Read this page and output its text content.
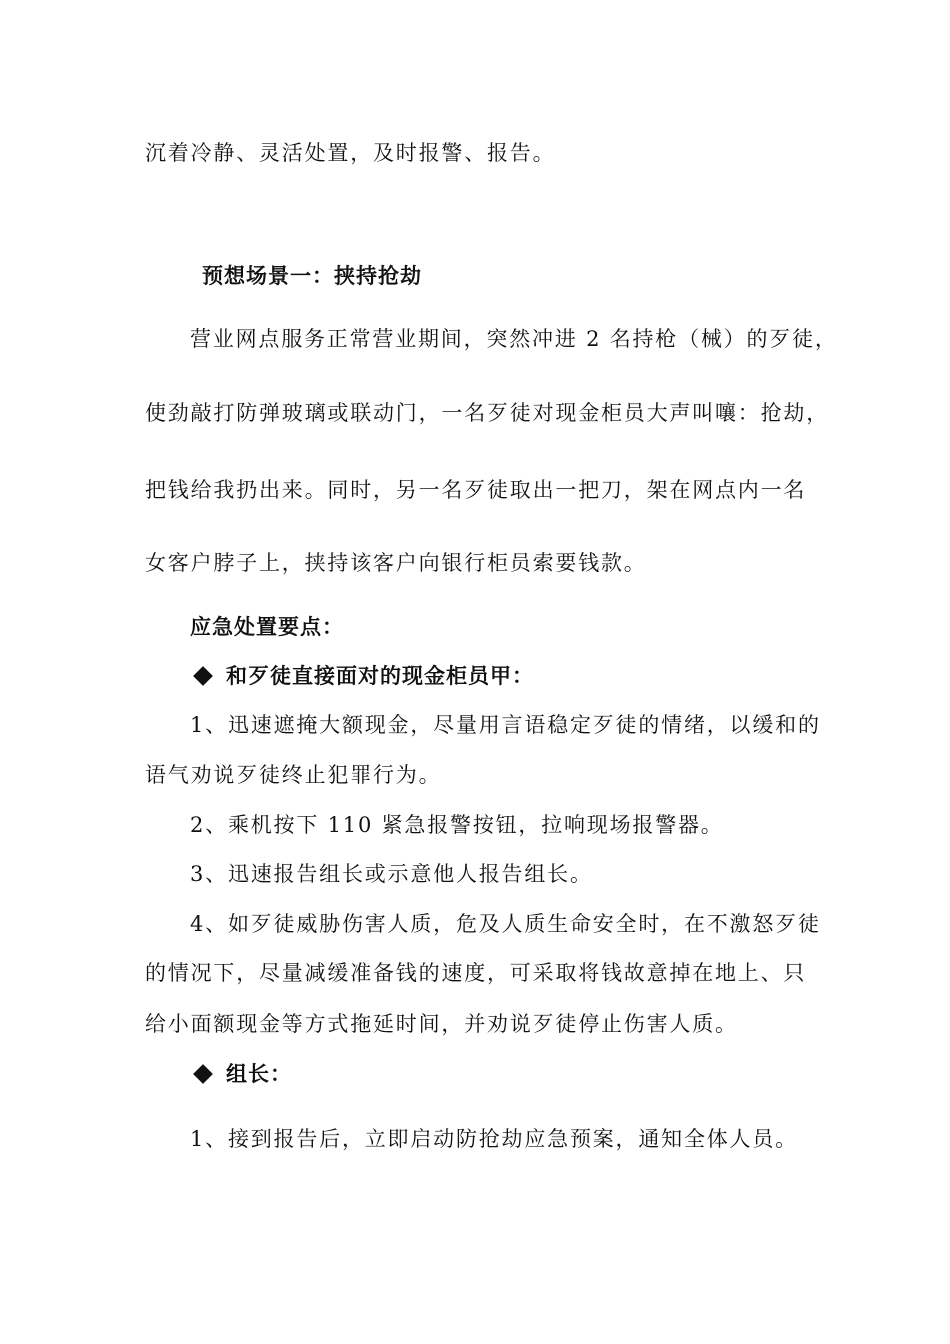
沉着冷静、灵活处置，及时报警、报告。
预想场景一：挟持抢劫
营业网点服务正常营业期间，突然冲进 2 名持枪（械）的歹徒，
使劲敲打防弹玻璃或联动门，一名歹徒对现金柜员大声叫嚷：抢劫，
把钱给我扔出来。同时，另一名歹徒取出一把刀，架在网点内一名
女客户脖子上，挟持该客户向银行柜员索要钱款。
应急处置要点：
和歹徒直接面对的现金柜员甲：
1、迅速遮掩大额现金，尽量用言语稳定歹徒的情绪，以缓和的
语气劝说歹徒终止犯罪行为。
2、乘机按下 110 紧急报警按钮，拉响现场报警器。
3、迅速报告组长或示意他人报告组长。
4、如歹徒威胁伤害人质，危及人质生命安全时，在不激怒歹徒
的情况下，尽量减缓准备钱的速度，可采取将钱故意掉在地上、只
给小面额现金等方式拖延时间，并劝说歹徒停止伤害人质。
组长：
1、接到报告后，立即启动防抢劫应急预案，通知全体人员。
